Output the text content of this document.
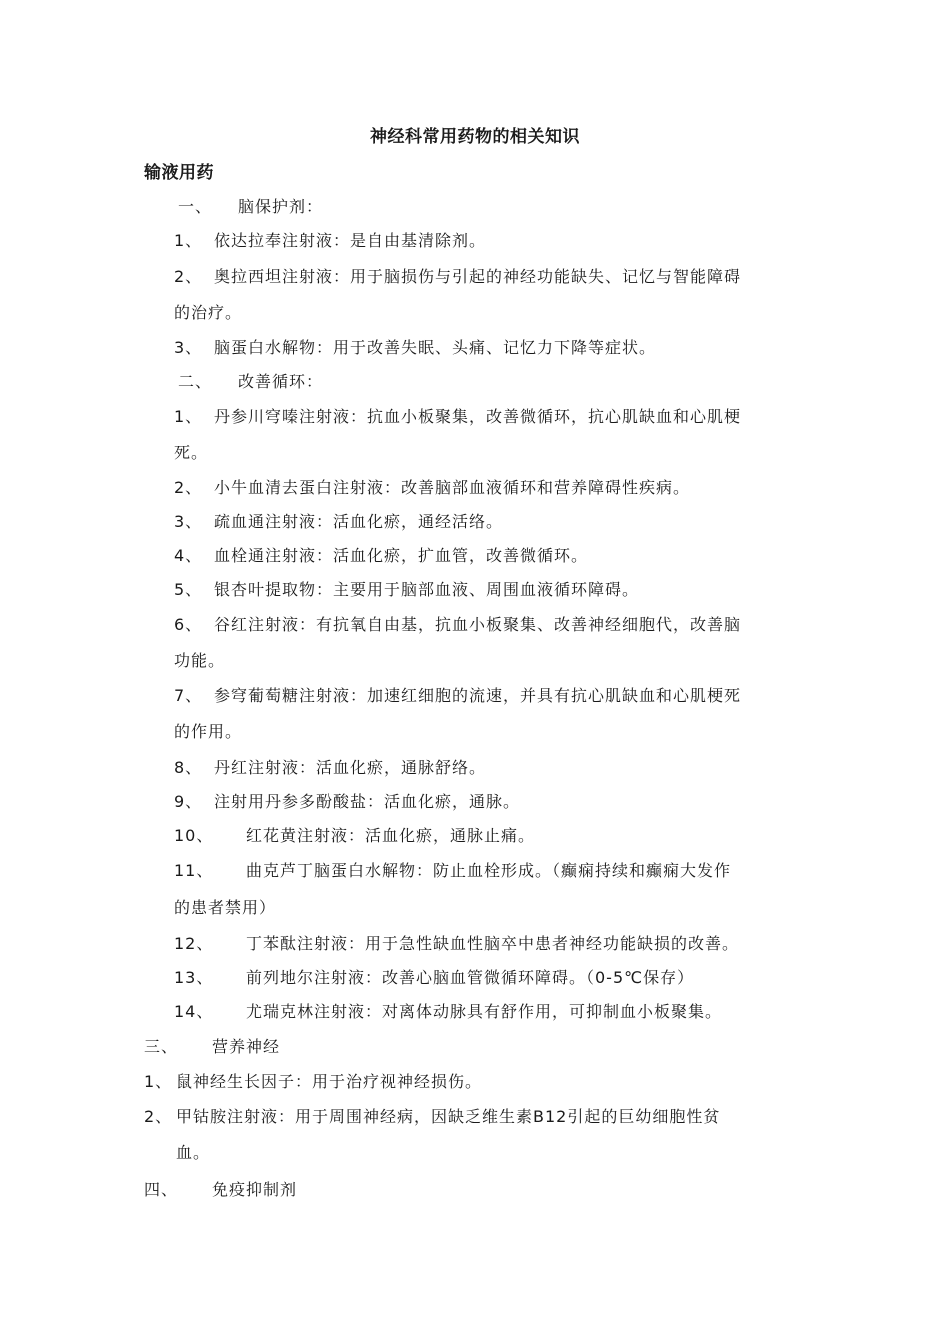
神经科常用药物的相关知识
输液用药
一、 脑保护剂：
1、 依达拉奉注射液：是自由基清除剂。
2、 奥拉西坦注射液：用于脑损伤与引起的神经功能缺失、记忆与智能障碍
的治疗。
3、 脑蛋白水解物：用于改善失眠、头痛、记忆力下降等症状。
二、 改善循环：
1、 丹参川穹嗪注射液：抗血小板聚集，改善微循环，抗心肌缺血和心肌梗
死。
2、 小牛血清去蛋白注射液：改善脑部血液循环和营养障碍性疾病。
3、 疏血通注射液：活血化瘀，通经活络。
4、 血栓通注射液：活血化瘀，扩血管，改善微循环。
5、 银杏叶提取物：主要用于脑部血液、周围血液循环障碍。
6、 谷红注射液：有抗氧自由基，抗血小板聚集、改善神经细胞代，改善脑
功能。
7、 参穹葡萄糖注射液：加速红细胞的流速，并具有抗心肌缺血和心肌梗死
的作用。
8、 丹红注射液：活血化瘀，通脉舒络。
9、 注射用丹参多酚酸盐：活血化瘀，通脉。
10、 红花黄注射液：活血化瘀，通脉止痛。
11、 曲克芦丁脑蛋白水解物：防止血栓形成。（癫痫持续和癫痫大发作
的患者禁用）
12、 丁苯酞注射液：用于急性缺血性脑卒中患者神经功能缺损的改善。
13、 前列地尔注射液：改善心脑血管微循环障碍。（0-5℃保存）
14、 尤瑞克林注射液：对离体动脉具有舒作用，可抑制血小板聚集。
三、 营养神经
1、 鼠神经生长因子：用于治疗视神经损伤。
2、 甲钴胺注射液：用于周围神经病，因缺乏维生素B12引起的巨幼细胞性贫
血。
四、 免疫抑制剂
